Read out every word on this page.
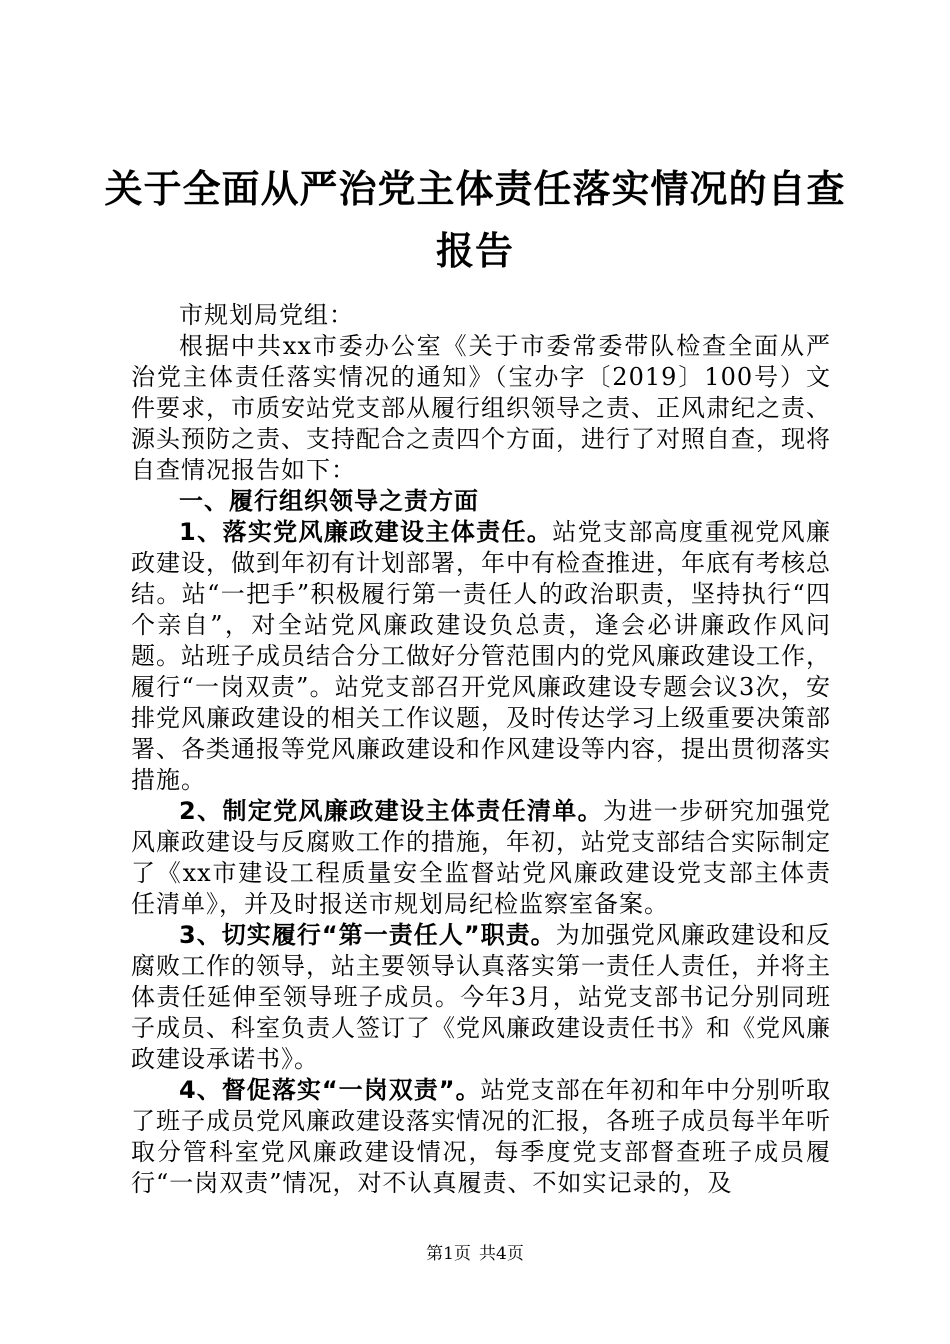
关于全面从严治党主体责任落实情况的自查报告

市规划局党组：

根据中共xx市委办公室《关于市委常委带队检查全面从严治党主体责任落实情况的通知》（宝办字〔2019〕100号）文件要求，市质安站党支部从履行组织领导之责、正风肃纪之责、源头预防之责、支持配合之责四个方面，进行了对照自查，现将自查情况报告如下：

一、履行组织领导之责方面

1、落实党风廉政建设主体责任。站党支部高度重视党风廉政建设，做到年初有计划部署，年中有检查推进，年底有考核总结。站“一把手”积极履行第一责任人的政治职责，坚持执行“四个亲自”，对全站党风廉政建设负总责，逢会必讲廉政作风问题。站班子成员结合分工做好分管范围内的党风廉政建设工作，履行“一岗双责”。站党支部召开党风廉政建设专题会议3次，安排党风廉政建设的相关工作议题，及时传达学习上级重要决策部署、各类通报等党风廉政建设和作风建设等内容，提出贯彻落实措施。

2、制定党风廉政建设主体责任清单。为进一步研究加强党风廉政建设与反腐败工作的措施，年初，站党支部结合实际制定了《xx市建设工程质量安全监督站党风廉政建设党支部主体责任清单》，并及时报送市规划局纪检监察室备案。

3、切实履行“第一责任人”职责。为加强党风廉政建设和反腐败工作的领导，站主要领导认真落实第一责任人责任，并将主体责任延伸至领导班子成员。今年3月，站党支部书记分别同班子成员、科室负责人签订了《党风廉政建设责任书》和《党风廉政建设承诺书》。

4、督促落实“一岗双责”。站党支部在年初和年中分别听取了班子成员党风廉政建设落实情况的汇报，各班子成员每半年听取分管科室党风廉政建设情况，每季度党支部督查班子成员履行“一岗双责”情况，对不认真履责、不如实记录的，及

第1页 共4页
